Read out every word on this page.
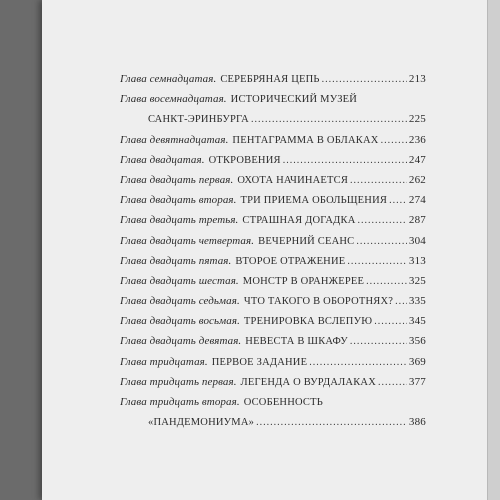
Глава семнадцатая. СЕРЕБРЯНАЯ ЦЕПЬ .....	213
Глава восемнадцатая. ИСТОРИЧЕСКИЙ МУЗЕЙ
САНКТ-ЭРИНБУРГА .....	225
Глава девятнадцатая. ПЕНТАГРАММА В ОБЛАКАХ .....	236
Глава двадцатая. ОТКРОВЕНИЯ .....	247
Глава двадцать первая. ОХОТА НАЧИНАЕТСЯ .....	262
Глава двадцать вторая. ТРИ ПРИЕМА ОБОЛЬЩЕНИЯ ..... 274
Глава двадцать третья. СТРАШНАЯ ДОГАДКА .....	287
Глава двадцать четвертая. ВЕЧЕРНИЙ СЕАНС .....	304
Глава двадцать пятая. ВТОРОЕ ОТРАЖЕНИЕ .....	313
Глава двадцать шестая. МОНСТР В ОРАНЖЕРЕЕ .....	325
Глава двадцать седьмая. ЧТО ТАКОГО В ОБОРОТНЯХ? ..... 335
Глава двадцать восьмая. ТРЕНИРОВКА ВСЛЕПУЮ .....	345
Глава двадцать девятая. НЕВЕСТА В ШКАФУ .....	356
Глава тридцатая. ПЕРВОЕ ЗАДАНИЕ .....	369
Глава тридцать первая. ЛЕГЕНДА О ВУРДАЛАКАХ .....	377
Глава тридцать вторая. ОСОБЕННОСТЬ
«ПАНДЕМОНИУМА» .....	386
